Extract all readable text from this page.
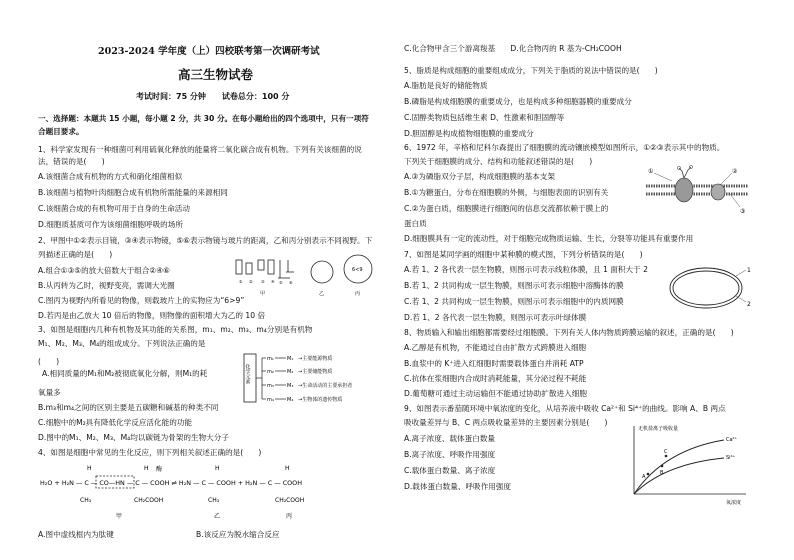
2023-2024 学年度（上）四校联考第一次调研考试
高三生物试卷
考试时间：75 分钟　　试卷总分：100 分
一、选择题：本题共 15 小题，每小题 2 分，共 30 分。在每小题给出的四个选项中，只有一项符
合题目要求。
1、科学家发现有一种细菌可利用硫氧化释放的能量将二氧化碳合成有机物。下列有关该细菌的说
法，错误的是(　　)
A.该细菌合成有机物的方式和硝化细菌相似
B.该细菌与植物叶肉细胞合成有机物所需能量的来源相同
C.该细菌合成的有机物可用于自身的生命活动
D.细胞质基质可作为该细菌细胞呼吸的场所
2、甲图中①②表示目镜，③④表示物镜，⑤⑥表示物镜与玻片的距离，乙和丙分别表示不同视野。下
列描述正确的是(　　)
A.组合①③⑤的放大倍数大于组合②④⑥
B.从丙转为乙时，视野变亮，需调大光圈
C.图丙为视野内所看见的物像，则载玻片上的实物应为“6>9”
D.若丙是由乙放大 10 倍后的物像，则物像的面积增大为乙的 10 倍
3、如图是细胞内几种有机物及其功能的关系图，m₁、m₂、m₃、m₄分别是有机物
M₁、M₂、M₃、M₄的组成成分。下列说法正确的是
(　　)
A.相同质量的M₁和M₂被彻底氧化分解，则M₁的耗
氧量多
B.m₃和m₄之间的区别主要是五碳糖和碱基的种类不同
C.细胞中的M₂具有降低化学反应活化能的功能
D.图中的M₁、M₂、M₃、M₄均以碳链为骨架的生物大分子
4、如图是细胞中常见的生化反应，则下列相关叙述正确的是(　　)
A.图中虚线框内为肽键	B.该反应为脱水缩合反应
① ② ③ ④ ⑤ ⑥
6<9
甲	乙	丙
化学元素
m₁
m₂
m₃
m₄
M₁
M₂
M₃
M₄
→主要能源物质
→主要储能物质
→生命活动的主要承担者
→生物体的遗传物质
酶
H	H	H	H
H₂O + H₂N — C — CO—HN — C — COOH ⇌ H₂N — C — COOH + H₂N — C — COOH
CH₃	CH₂COOH	CH₃	CH₂COOH
甲	乙	丙
C.化合物甲含三个游离羧基　　D.化合物丙的 R 基为-CH₂COOH
5、脂质是构成细胞的重要组成成分，下列关于脂质的说法中错误的是(　　)
A.脂肪是良好的储能物质
B.磷脂是构成细胞膜的重要成分，也是构成多种细胞器膜的重要成分
C.固醇类物质包括维生素 D、性激素和胆固醇等
D.胆固醇是构成植物细胞膜的重要成分
6、1972 年，辛格和尼科尔森提出了细胞膜的流动镶嵌模型如图所示，①②③表示其中的物质。
下列关于细胞膜的成分、结构和功能叙述错误的是(　　)
A.③为磷脂双分子层，构成细胞膜的基本支架
B.①为糖蛋白，分布在细胞膜的外侧，与细胞表面的识别有关
C.②为蛋白质，细胞膜进行细胞间的信息交流都依赖于膜上的
蛋白质
D.细胞膜具有一定的流动性，对于细胞完成物质运输、生长，分裂等功能具有重要作用
7、如图是某同学画的细胞中某种膜的模式图，下列分析错误的是(　　)
A.若 1、2 各代表一层生物膜，则图示可表示线粒体膜，且 1 面积大于 2
B.若 1、2 共同构成一层生物膜，则图示可表示细胞中溶酶体的膜
C.若 1、2 共同构成一层生物膜，则图示可表示细胞中的内质网膜
D.若 1、2 各代表一层生物膜，则图示可表示叶绿体膜
8、物质输入和输出细胞都需要经过细胞膜。下列有关人体内物质跨膜运输的叙述，正确的是(　　)
A.乙醇是有机物，不能通过自由扩散方式跨膜进入细胞
B.血浆中的 K⁺进入红细胞时需要载体蛋白并消耗 ATP
C.抗体在浆细胞内合成时消耗能量，其分泌过程不耗能
D.葡萄糖可通过主动运输但不能通过协助扩散进入细胞
9、如图表示番茄随环境中氧浓度的变化，从培养液中吸收 Ca²⁺和 Si⁴⁺的曲线。影响 A、B 两点
吸收量差异与 B、C 两点吸收量差异的主要因素分别是(　　)
A.离子浓度、载体蛋白数量
B.离子浓度、呼吸作用强度
C.载体蛋白数量、离子浓度
D.载体蛋白数量、呼吸作用强度
①	②
③
1
2
无机盐离子吸收量
氧浓度
Ca²⁺
Si⁴⁺
A
B
C
